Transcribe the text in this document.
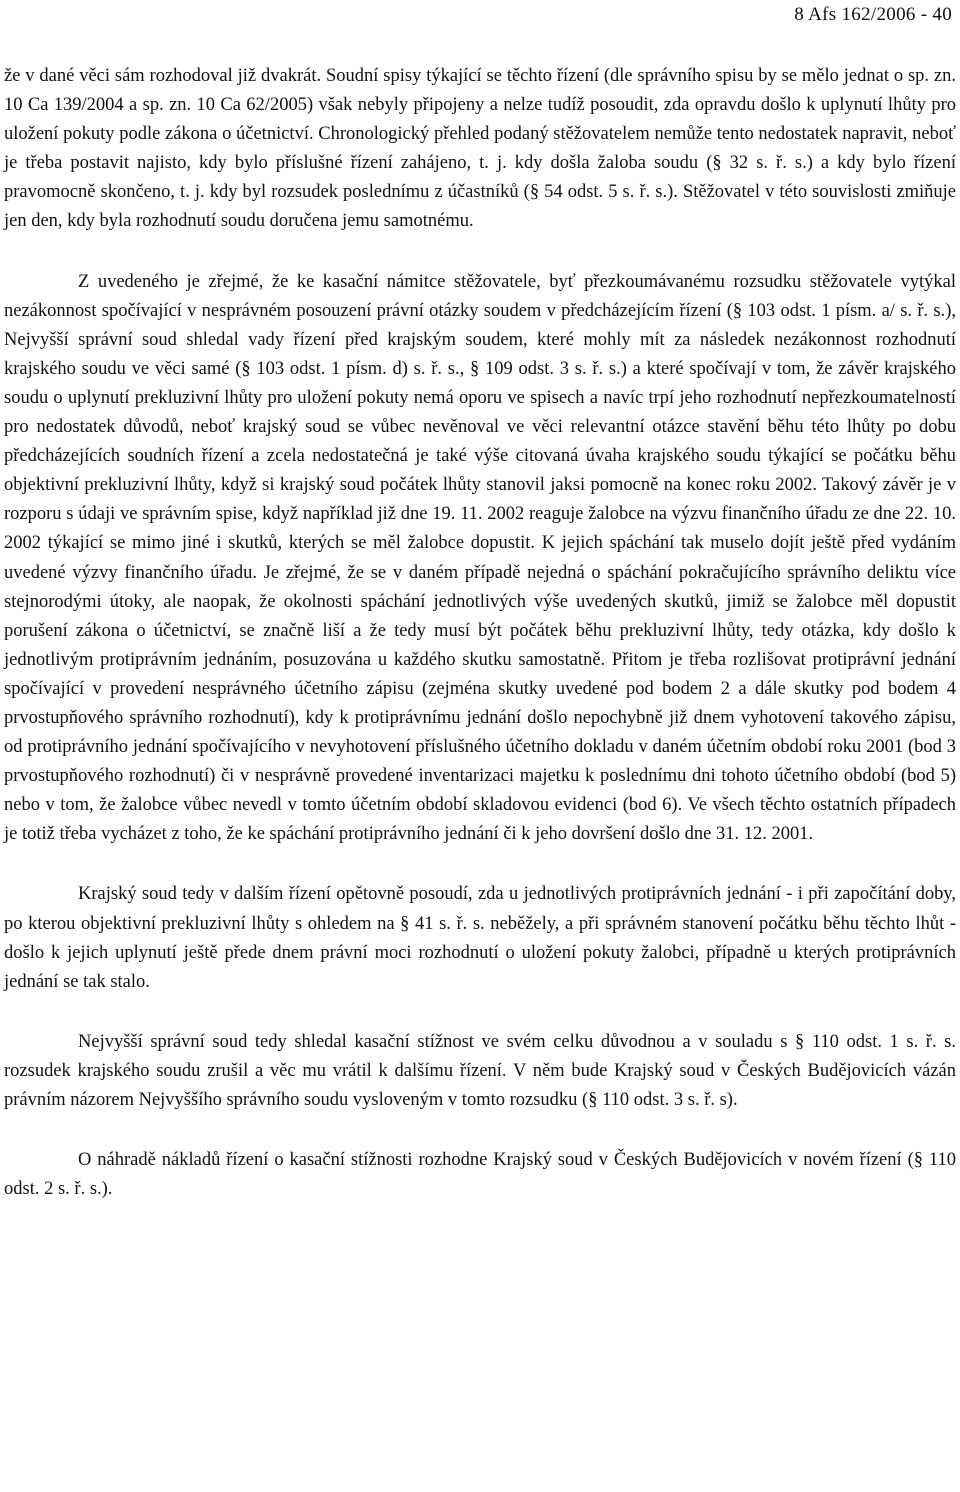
8 Afs 162/2006 - 40

že v dané věci sám rozhodoval již dvakrát. Soudní spisy týkající se těchto řízení (dle správního spisu by se mělo jednat o sp. zn. 10 Ca 139/2004 a sp. zn. 10 Ca 62/2005) však nebyly připojeny a nelze tudíž posoudit, zda opravdu došlo k uplynutí lhůty pro uložení pokuty podle zákona o účetnictví. Chronologický přehled podaný stěžovatelem nemůže tento nedostatek napravit, neboť je třeba postavit najisto, kdy bylo příslušné řízení zahájeno, t. j. kdy došla žaloba soudu (§ 32 s. ř. s.) a kdy bylo řízení pravomocně skončeno, t. j. kdy byl rozsudek poslednímu z účastníků (§ 54 odst. 5 s. ř. s.). Stěžovatel v této souvislosti zmiňuje jen den, kdy byla rozhodnutí soudu doručena jemu samotnému.

Z uvedeného je zřejmé, že ke kasační námitce stěžovatele, byť přezkoumávanému rozsudku stěžovatele vytýkal nezákonnost spočívající v nesprávném posouzení právní otázky soudem v předcházejícím řízení (§ 103 odst. 1 písm. a/ s. ř. s.), Nejvyšší správní soud shledal vady řízení před krajským soudem, které mohly mít za následek nezákonnost rozhodnutí krajského soudu ve věci samé (§ 103 odst. 1 písm. d) s. ř. s., § 109 odst. 3 s. ř. s.) a které spočívají v tom, že závěr krajského soudu o uplynutí prekluzivní lhůty pro uložení pokuty nemá oporu ve spisech a navíc trpí jeho rozhodnutí nepřezkoumatelností pro nedostatek důvodů, neboť krajský soud se vůbec nevěnoval ve věci relevantní otázce stavění běhu této lhůty po dobu předcházejících soudních řízení a zcela nedostatečná je také výše citovaná úvaha krajského soudu týkající se počátku běhu objektivní prekluzivní lhůty, když si krajský soud počátek lhůty stanovil jaksi pomocně na konec roku 2002. Takový závěr je v rozporu s údaji ve správním spise, když například již dne 19. 11. 2002 reaguje žalobce na výzvu finančního úřadu ze dne 22. 10. 2002 týkající se mimo jiné i skutků, kterých se měl žalobce dopustit. K jejich spáchání tak muselo dojít ještě před vydáním uvedené výzvy finančního úřadu. Je zřejmé, že se v daném případě nejedná o spáchání pokračujícího správního deliktu více stejnorodými útoky, ale naopak, že okolnosti spáchání jednotlivých výše uvedených skutků, jimiž se žalobce měl dopustit porušení zákona o účetnictví, se značně liší a že tedy musí být počátek běhu prekluzivní lhůty, tedy otázka, kdy došlo k jednotlivým protiprávním jednáním, posuzována u každého skutku samostatně. Přitom je třeba rozlišovat protiprávní jednání spočívající v provedení nesprávného účetního zápisu (zejména skutky uvedené pod bodem 2 a dále skutky pod bodem 4 prvostupňového správního rozhodnutí), kdy k protiprávnímu jednání došlo nepochybně již dnem vyhotovení takového zápisu, od protiprávního jednání spočívajícího v nevyhotovení příslušného účetního dokladu v daném účetním období roku 2001 (bod 3 prvostupňového rozhodnutí) či v nesprávně provedené inventarizaci majetku k poslednímu dni tohoto účetního období (bod 5) nebo v tom, že žalobce vůbec nevedl v tomto účetním období skladovou evidenci (bod 6). Ve všech těchto ostatních případech je totiž třeba vycházet z toho, že ke spáchání protiprávního jednání či k jeho dovršení došlo dne 31. 12. 2001.

Krajský soud tedy v dalším řízení opětovně posoudí, zda u jednotlivých protiprávních jednání - i při započítání doby, po kterou objektivní prekluzivní lhůty s ohledem na § 41 s. ř. s. neběžely, a při správném stanovení počátku běhu těchto lhůt - došlo k jejich uplynutí ještě přede dnem právní moci rozhodnutí o uložení pokuty žalobci, případně u kterých protiprávních jednání se tak stalo.

Nejvyšší správní soud tedy shledal kasační stížnost ve svém celku důvodnou a v souladu s § 110 odst. 1 s. ř. s. rozsudek krajského soudu zrušil a věc mu vrátil k dalšímu řízení. V něm bude Krajský soud v Českých Budějovicích vázán právním názorem Nejvyššího správního soudu vysloveným v tomto rozsudku (§ 110 odst. 3 s. ř. s).

O náhradě nákladů řízení o kasační stížnosti rozhodne Krajský soud v Českých Budějovicích v novém řízení (§ 110 odst. 2 s. ř. s.).
